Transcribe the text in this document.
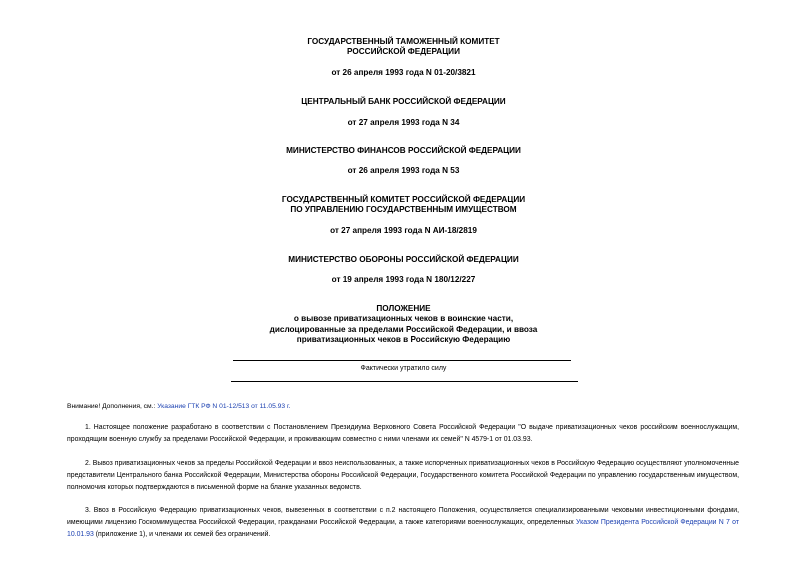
ГОСУДАРСТВЕННЫЙ ТАМОЖЕННЫЙ КОМИТЕТ
РОССИЙСКОЙ ФЕДЕРАЦИИ
от 26 апреля 1993 года N 01-20/3821
ЦЕНТРАЛЬНЫЙ БАНК РОССИЙСКОЙ ФЕДЕРАЦИИ
от 27 апреля 1993 года N 34
МИНИСТЕРСТВО ФИНАНСОВ РОССИЙСКОЙ ФЕДЕРАЦИИ
от 26 апреля 1993 года N 53
ГОСУДАРСТВЕННЫЙ КОМИТЕТ РОССИЙСКОЙ ФЕДЕРАЦИИ
ПО УПРАВЛЕНИЮ ГОСУДАРСТВЕННЫМ ИМУЩЕСТВОМ
от 27 апреля 1993 года N АИ-18/2819
МИНИСТЕРСТВО ОБОРОНЫ РОССИЙСКОЙ ФЕДЕРАЦИИ
от 19 апреля 1993 года N 180/12/227
ПОЛОЖЕНИЕ
о вывозе приватизационных чеков в воинские части,
дислоцированные за пределами Российской Федерации, и ввоза
приватизационных чеков в Российскую Федерацию
Фактически утратило силу
Внимание! Дополнения, см.: Указание ГТК РФ N 01-12/513 от 11.05.93 г.
1. Настоящее положение разработано в соответствии с Постановлением Президиума Верховного Совета Российской Федерации "О выдаче приватизационных чеков российским военнослужащим, проходящим военную службу за пределами Российской Федерации, и проживающим совместно с ними членами их семей" N 4579-1 от 01.03.93.
2. Вывоз приватизационных чеков за пределы Российской Федерации и ввоз неиспользованных, а также испорченных приватизационных чеков в Российскую Федерацию осуществляют уполномоченные представители Центрального банка Российской Федерации, Министерства обороны Российской Федерации, Государственного комитета Российской Федерации по управлению государственным имуществом, полномочия которых подтверждаются в письменной форме на бланке указанных ведомств.
3. Ввоз в Российскую Федерацию приватизационных чеков, вывезенных в соответствии с п.2 настоящего Положения, осуществляется специализированными чековыми инвестиционными фондами, имеющими лицензию Госкомимущества Российской Федерации, гражданами Российской Федерации, а также категориями военнослужащих, определенных Указом Президента Российской Федерации N 7 от 10.01.93 (приложение 1), и членами их семей без ограничений.
